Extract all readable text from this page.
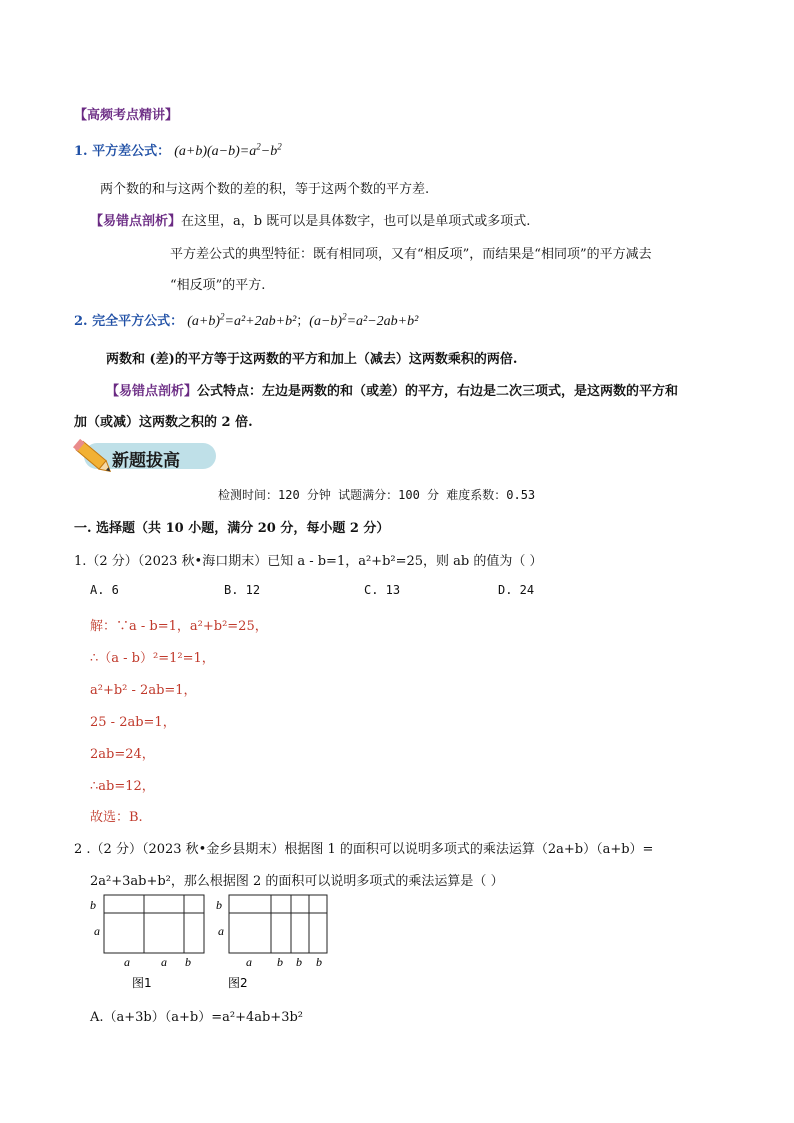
【高频考点精讲】
1. 平方差公式： $(a+b)(a-b)=a^2-b^2$
两个数的和与这两个数的差的积，等于这两个数的平方差.
【易错点剖析】在这里，a，b 既可以是具体数字，也可以是单项式或多项式.
平方差公式的典型特征：既有相同项，又有“相反项”，而结果是“相同项”的平方减去
“相反项”的平方.
2. 完全平方公式： $(a+b)^2=a^2+2ab+b^2$；$(a-b)^2=a^2-2ab+b^2$
两数和 (差)的平方等于这两数的平方和加上（减去）这两数乘积的两倍.
【易错点剖析】公式特点：左边是两数的和（或差）的平方，右边是二次三项式，是这两数的平方和
加（或减）这两数之积的 2 倍.
新题拔高
检测时间：120 分钟 试题满分：100 分 难度系数：0.53
一. 选择题（共 10 小题，满分 20 分，每小题 2 分）
1.（2 分）（2023 秋•海口期末）已知 a - b=1，a²+b²=25，则 ab 的值为（ ）
A. 6	B. 12	C. 13	D. 24
解：∵a - b=1，a²+b²=25，
∴（a - b）²=1²=1，
a²+b² - 2ab=1，
25 - 2ab=1，
2ab=24，
∴ab=12，
故选：B.
2 .（2 分）（2023 秋•金乡县期末）根据图 1 的面积可以说明多项式的乘法运算（2a+b）（a+b）=
2a²+3ab+b²，那么根据图 2 的面积可以说明多项式的乘法运算是（ ）
b
a
a	a b
图1
b
a
a b b b
图2
A.（a+3b）（a+b）=a²+4ab+3b²
